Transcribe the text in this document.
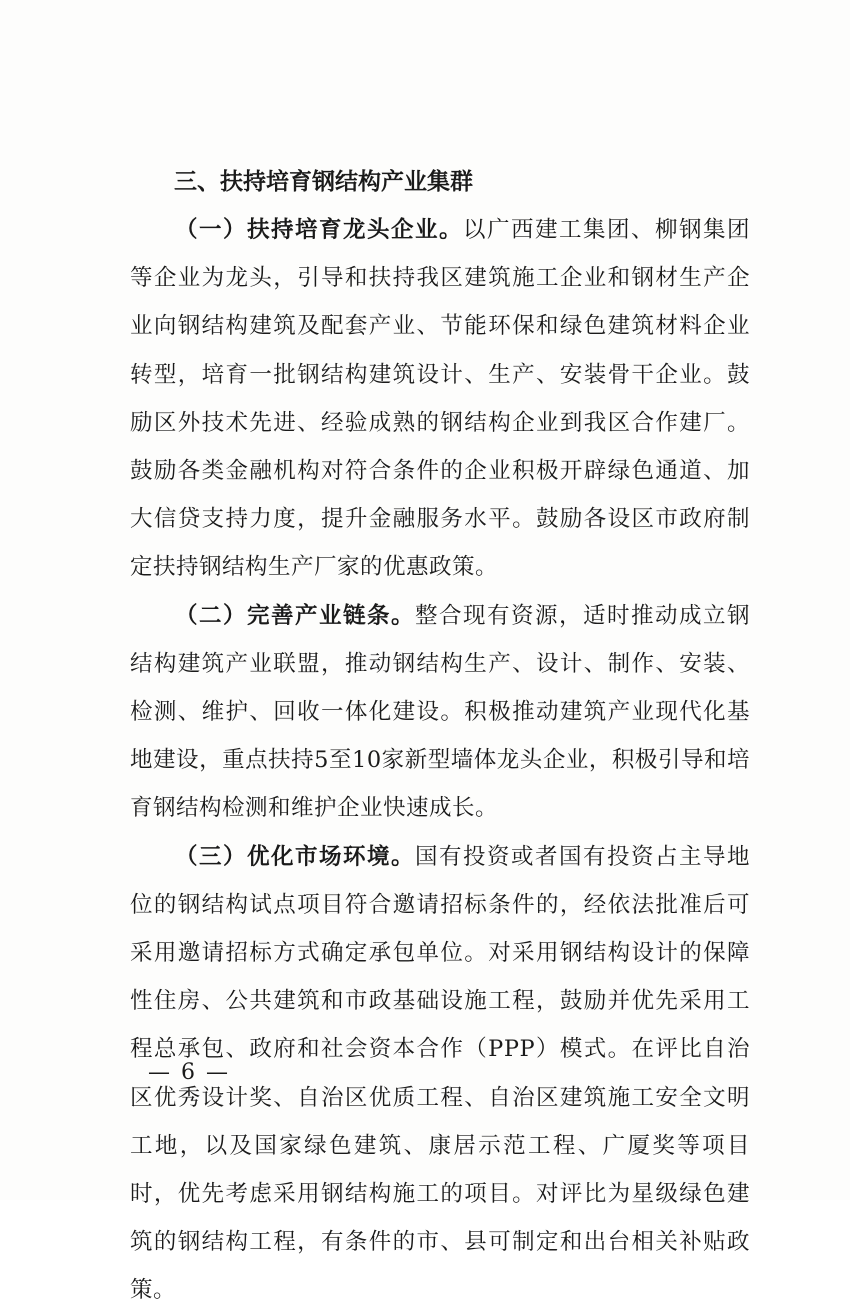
三、扶持培育钢结构产业集群

（一）扶持培育龙头企业。以广西建工集团、柳钢集团等企业为龙头，引导和扶持我区建筑施工企业和钢材生产企业向钢结构建筑及配套产业、节能环保和绿色建筑材料企业转型，培育一批钢结构建筑设计、生产、安装骨干企业。鼓励区外技术先进、经验成熟的钢结构企业到我区合作建厂。鼓励各类金融机构对符合条件的企业积极开辟绿色通道、加大信贷支持力度，提升金融服务水平。鼓励各设区市政府制定扶持钢结构生产厂家的优惠政策。

（二）完善产业链条。整合现有资源，适时推动成立钢结构建筑产业联盟，推动钢结构生产、设计、制作、安装、检测、维护、回收一体化建设。积极推动建筑产业现代化基地建设，重点扶持5至10家新型墙体龙头企业，积极引导和培育钢结构检测和维护企业快速成长。

（三）优化市场环境。国有投资或者国有投资占主导地位的钢结构试点项目符合邀请招标条件的，经依法批准后可采用邀请招标方式确定承包单位。对采用钢结构设计的保障性住房、公共建筑和市政基础设施工程，鼓励并优先采用工程总承包、政府和社会资本合作（PPP）模式。在评比自治区优秀设计奖、自治区优质工程、自治区建筑施工安全文明工地，以及国家绿色建筑、康居示范工程、广厦奖等项目时，优先考虑采用钢结构施工的项目。对评比为星级绿色建筑的钢结构工程，有条件的市、县可制定和出台相关补贴政策。

— 6 —
